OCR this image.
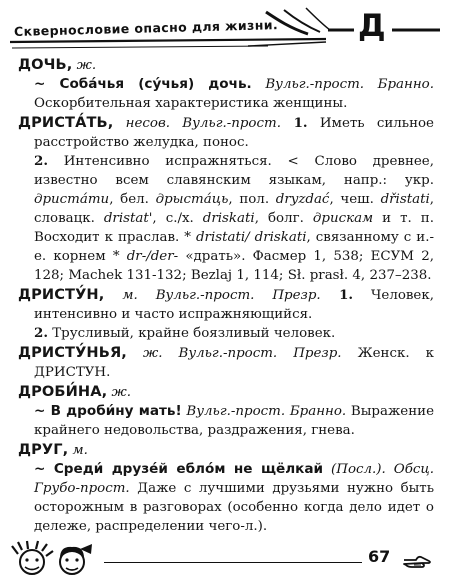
Сквернословие опасно для жизни.	Д

ДОЧЬ, ж.

~ Соба́чья (су́чья) дочь. Вульг.-прост. Бранно. Оскорбительная характеристика женщины.

ДРИСТА́ТЬ, несов. Вульг.-прост. 1. Иметь сильное расстройство желудка, понос.

2. Интенсивно испражняться. < Слово древнее, известно всем славянским языкам, напр.: укр. дриста́ти, бел. дрыста́ць, пол. dryzdać, чеш. dřistati, словацк. dristat', с./х. driskati, болг. дрискам и т. п. Восходит к праслав. * dristati/ driskati, связанному с и.-е. корнем * dr-/der- «драть». Фасмер 1, 538; ЕСУМ 2, 128; Machek 131-132; Bezlaj 1, 114; Sł. prasł. 4, 237–238.

ДРИСТУ́Н, м. Вульг.-прост. Презр. 1. Человек, интенсивно и часто испражняющийся.

2. Трусливый, крайне боязливый человек.

ДРИСТУ́НЬЯ, ж. Вульг.-прост. Презр. Женск. к ДРИСТУН.

ДРОБИ́НА, ж.

~ В дроби́ну мать! Вульг.-прост. Бранно. Выражение крайнего недовольства, раздражения, гнева.

ДРУГ, м.

~ Среди́ друзе́й еблóм не щёлкай (Посл.). Обсц. Грубо-прост. Даже с лучшими друзьями нужно быть осторожным в разговорах (особенно когда дело идет о дележе, распределении чего-л.).

67
